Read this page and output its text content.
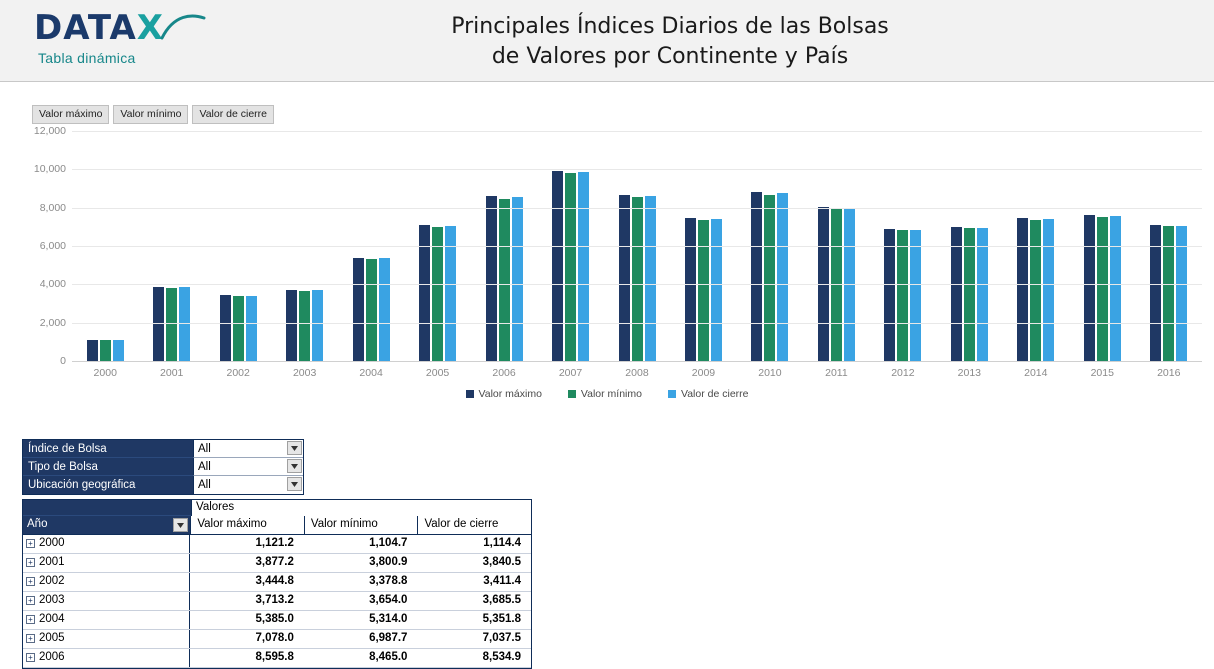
DATAX
Tabla dinámica
Principales Índices Diarios de las Bolsas
de Valores por Continente y País
Valor máximo	Valor mínimo	Valor de cierre
0
2,000
4,000
6,000
8,000
10,000
12,000
2000	2001	2002	2003	2004	2005	2006	2007	2008	2009	2010	2011	2012	2013	2014	2015	2016
Valor máximo	Valor mínimo	Valor de cierre
Índice de Bolsa	All
Tipo de Bolsa	All
Ubicación geográfica	All
Valores
Año	Valor máximo	Valor mínimo	Valor de cierre
+ 2000	1,121.2	1,104.7	1,114.4
+ 2001	3,877.2	3,800.9	3,840.5
+ 2002	3,444.8	3,378.8	3,411.4
+ 2003	3,713.2	3,654.0	3,685.5
+ 2004	5,385.0	5,314.0	5,351.8
+ 2005	7,078.0	6,987.7	7,037.5
+ 2006	8,595.8	8,465.0	8,534.9
